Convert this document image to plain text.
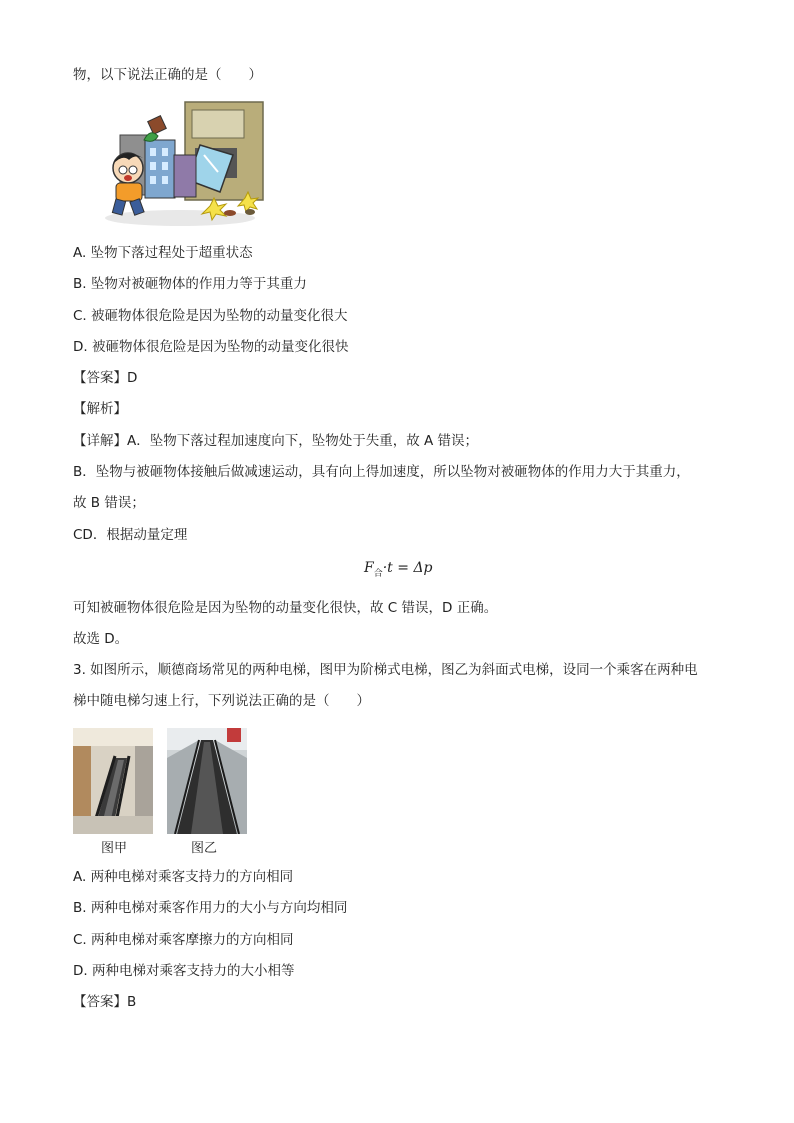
物，以下说法正确的是（　　）
A. 坠物下落过程处于超重状态
B. 坠物对被砸物体的作用力等于其重力
C. 被砸物体很危险是因为坠物的动量变化很大
D. 被砸物体很危险是因为坠物的动量变化很快
【答案】D
【解析】
【详解】A．坠物下落过程加速度向下，坠物处于失重，故 A 错误；
B．坠物与被砸物体接触后做减速运动，具有向上得加速度，所以坠物对被砸物体的作用力大于其重力，
故 B 错误；
CD．根据动量定理
$F_合\cdot t = \Delta p$
可知被砸物体很危险是因为坠物的动量变化很快，故 C 错误，D 正确。
故选 D。
3. 如图所示，顺德商场常见的两种电梯，图甲为阶梯式电梯，图乙为斜面式电梯，设同一个乘客在两种电
梯中随电梯匀速上行，下列说法正确的是（　　）
图甲	图乙
A. 两种电梯对乘客支持力的方向相同
B. 两种电梯对乘客作用力的大小与方向均相同
C. 两种电梯对乘客摩擦力的方向相同
D. 两种电梯对乘客支持力的大小相等
【答案】B
